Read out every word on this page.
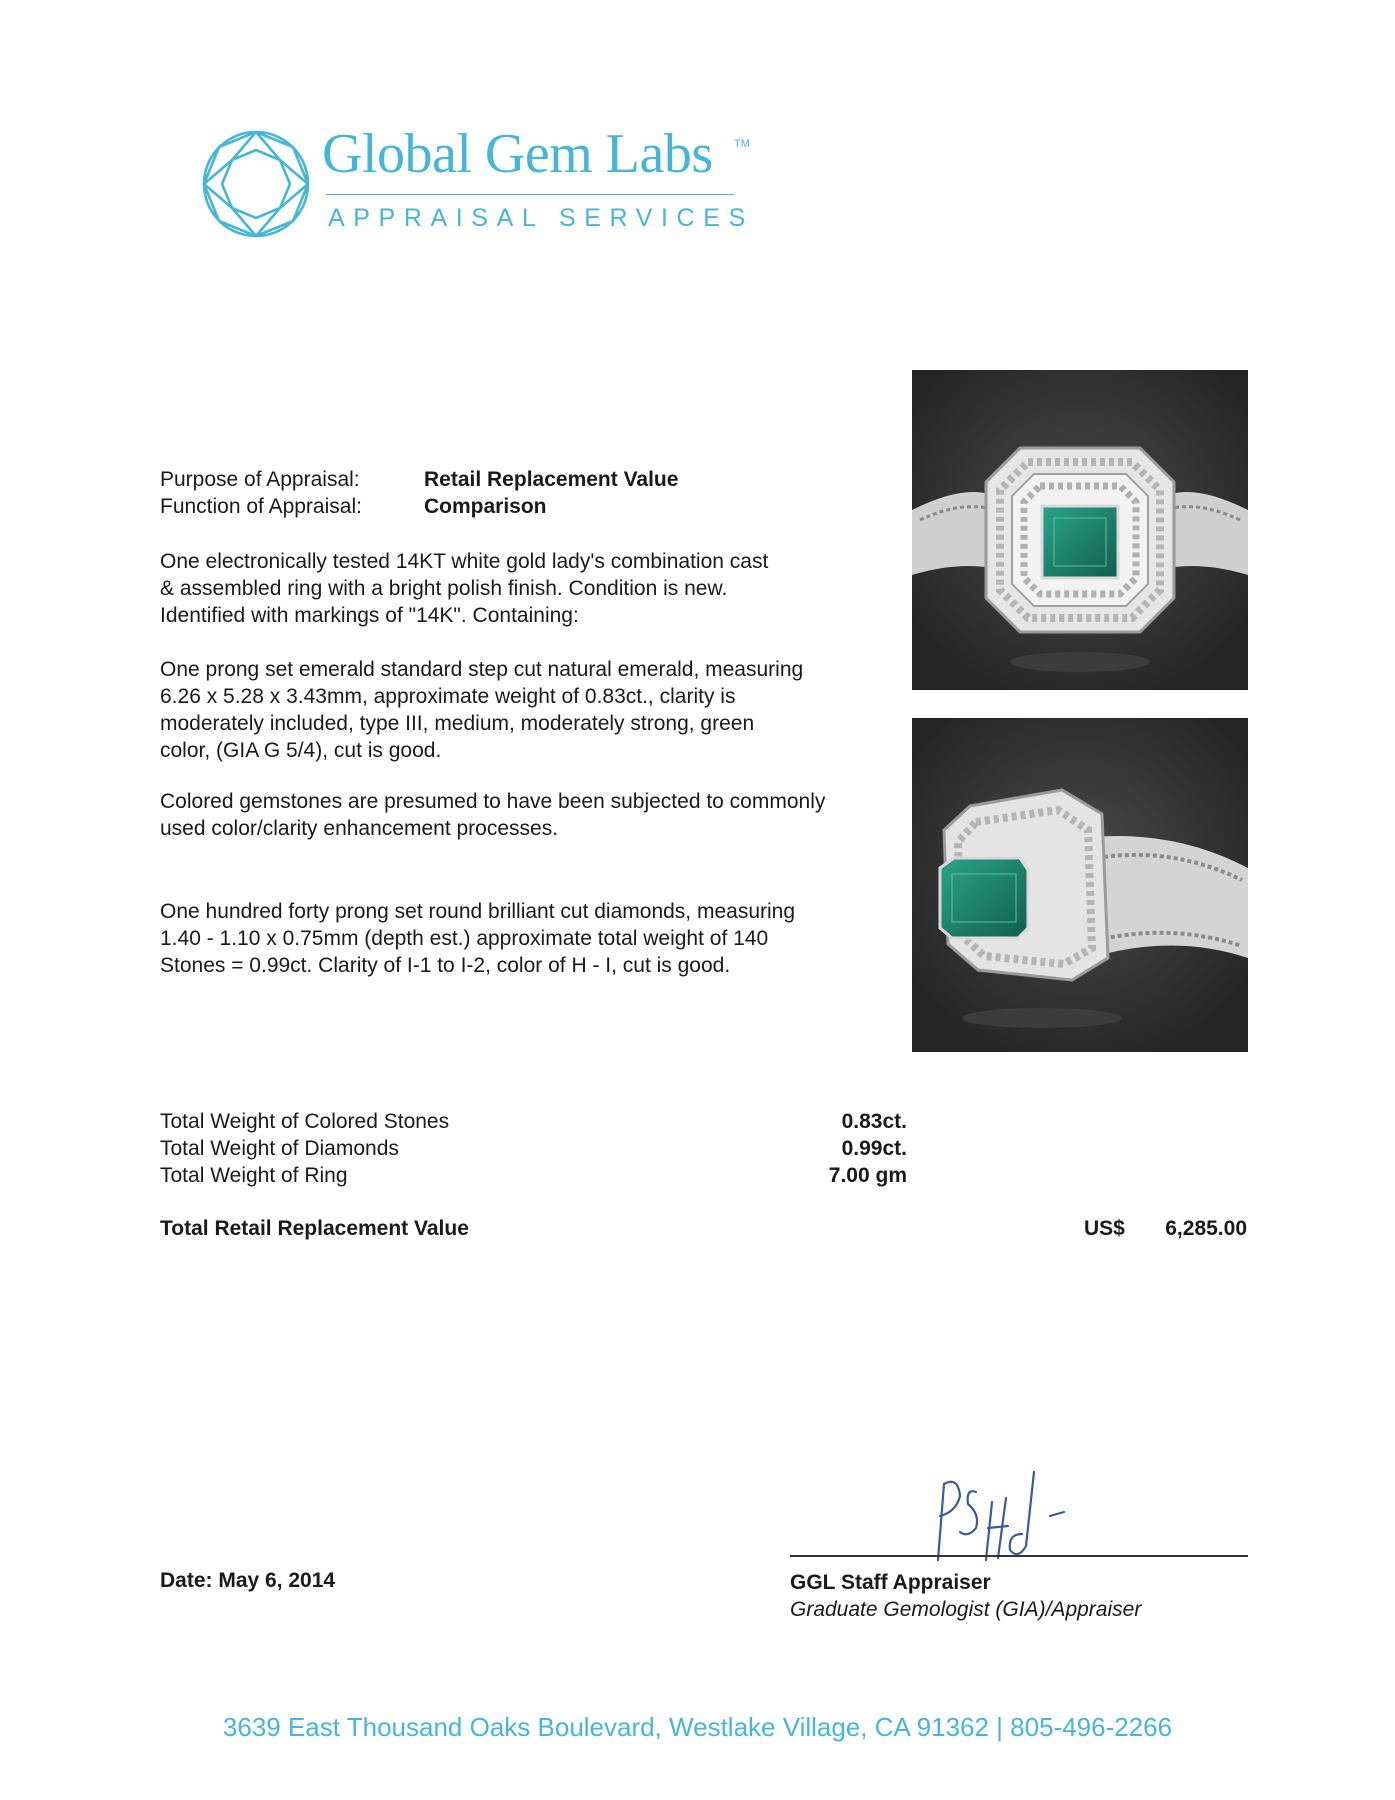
Global Gem Labs TM
APPRAISAL SERVICES
Purpose of Appraisal:	Retail Replacement Value
Function of Appraisal:	Comparison
One electronically tested 14KT white gold lady's combination cast
& assembled ring with a bright polish finish. Condition is new.
Identified with markings of "14K". Containing:
One prong set emerald standard step cut natural emerald, measuring
6.26 x 5.28 x 3.43mm, approximate weight of 0.83ct., clarity is
moderately included, type III, medium, moderately strong, green
color, (GIA G 5/4), cut is good.
Colored gemstones are presumed to have been subjected to commonly
used color/clarity enhancement processes.
One hundred forty prong set round brilliant cut diamonds, measuring
1.40 - 1.10 x 0.75mm (depth est.) approximate total weight of 140
Stones = 0.99ct. Clarity of I-1 to I-2, color of H - I, cut is good.
Total Weight of Colored Stones	0.83ct.
Total Weight of Diamonds	0.99ct.
Total Weight of Ring	7.00 gm
Total Retail Replacement Value	US$ 6,285.00
Date: May 6, 2014	GGL Staff Appraiser
Graduate Gemologist (GIA)/Appraiser
3639 East Thousand Oaks Boulevard, Westlake Village, CA 91362 | 805-496-2266
